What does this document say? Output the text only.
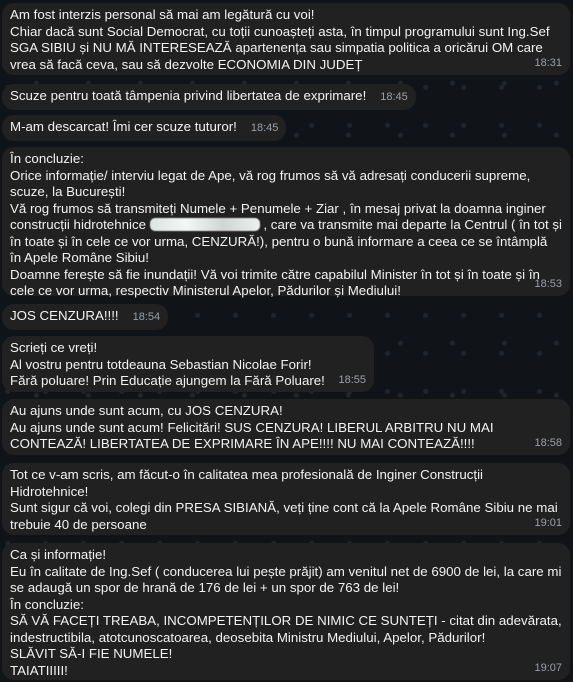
Am fost interzis personal să mai am legătură cu voi!
Chiar dacă sunt Social Democrat, cu toții cunoașteți asta, în timpul programului sunt Ing.Sef SGA SIBIU și NU MĂ INTERESEAZĂ apartenența sau simpatia politica a oricărui OM care vrea să facă ceva, sau să dezvolte ECONOMIA DIN JUDEȚ	18:31
Scuze pentru toată tâmpenia privind libertatea de exprimare! 18:45
M-am descarcat! Îmi cer scuze tuturor! 18:45
În concluzie:
Orice informație/ interviu legat de Ape, vă rog frumos să vă adresați conducerii supreme, scuze, la București!
Vă rog frumos să transmiteți Numele + Penumele + Ziar , în mesaj privat la doamna inginer construcții hidrotehnice	, care va transmite mai departe la Centrul ( în tot și în toate și în cele ce vor urma, CENZURĂ!), pentru o bună informare a ceea ce se întâmplă în Apele Române Sibiu!
Doamne ferește să fie inundații! Vă voi trimite către capabilul Minister în tot și în toate și în cele ce vor urma, respectiv Ministerul Apelor, Pădurilor și Mediului!	18:53
JOS CENZURA!!!! 18:54
Scrieți ce vreți!
Al vostru pentru totdeauna Sebastian Nicolae Forir!
Fără poluare! Prin Educație ajungem la Fără Poluare!	18:55
Au ajuns unde sunt acum, cu JOS CENZURA!
Au ajuns unde sunt acum! Felicitări! SUS CENZURA! LIBERUL ARBITRU NU MAI CONTEAZĂ! LIBERTATEA DE EXPRIMARE ÎN APE!!!! NU MAI CONTEAZĂ!!!!	18:58
Tot ce v-am scris, am făcut-o în calitatea mea profesională de Inginer Construcții Hidrotehnice!
Sunt sigur că voi, colegi din PRESA SIBIANĂ, veți ține cont că la Apele Române Sibiu ne mai trebuie 40 de persoane	19:01
Ca și informație!
Eu în calitate de Ing.Sef ( conducerea lui pește prăjit) am venitul net de 6900 de lei, la care mi se adaugă un spor de hrană de 176 de lei + un spor de 763 de lei!
În concluzie:
SĂ VĂ FACEȚI TREABA, INCOMPETENȚILOR DE NIMIC CE SUNTEȚI - citat din adevărata, indestructibila, atotcunoscatoarea, deosebita Ministru Mediului, Apelor, Pădurilor!
SLĂVIT SĂ-I FIE NUMELE!
TAIATIIIII!	19:07
